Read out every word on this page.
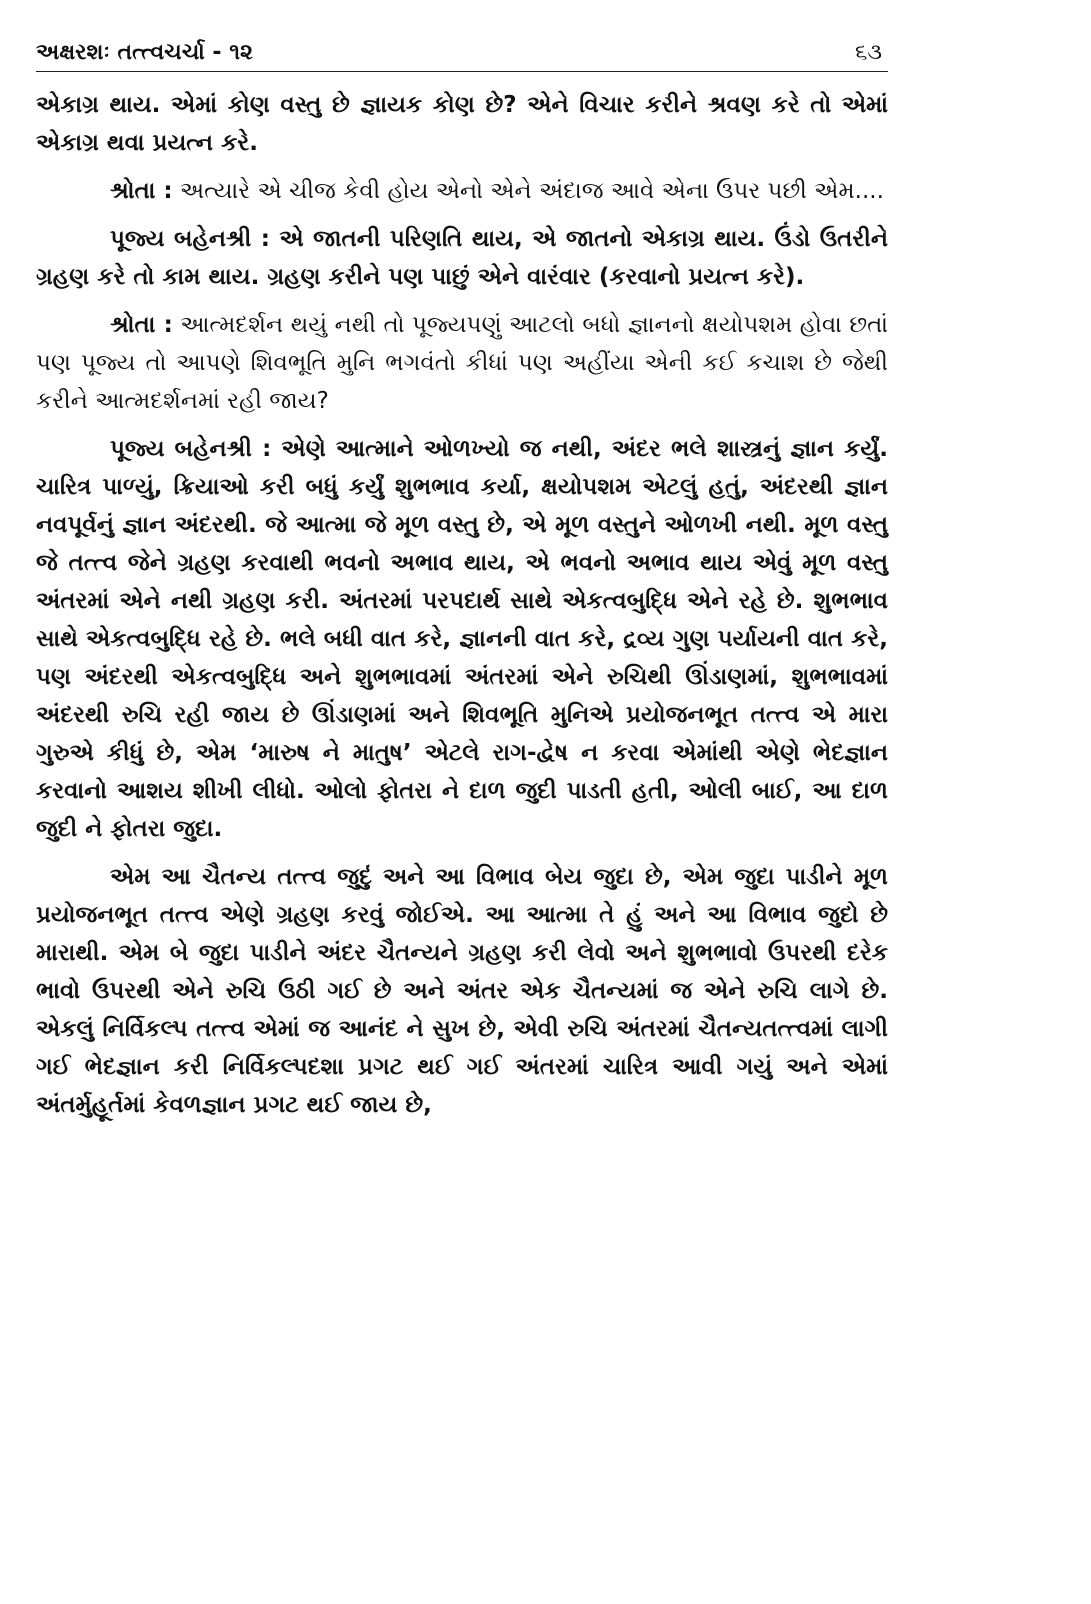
અક્ષરશઃ તત્ત્વચર્ચા - ૧૨	૬૩

એકાગ્ર થાય. એમાં કોણ વસ્તુ છે જ્ઞાયક કોણ છે? એને વિચાર કરીને શ્રવણ કરે તો એમાં એકાગ્ર થવા પ્રયત્ન કરે.

શ્રોતા : અત્યારે એ ચીજ કેવી હોય એનો એને અંદાજ આવે એના ઉપર પછી એમ....

પૂજ્ય બહેનશ્રી : એ જાતની પરિણતિ થાય, એ જાતનો એકાગ્ર થાય. ઉંડો ઉતરીને ગ્રહણ કરે તો કામ થાય. ગ્રહણ કરીને પણ પાછું એને વારંવાર (કરવાનો પ્રયત્ન કરે).

શ્રોતા : આત્મદર્શન થયું નથી તો પૂજ્યપણું આટલો બધો જ્ઞાનનો ક્ષયોપશમ હોવા છતાં પણ પૂજ્ય તો આપણે શિવભૂતિ મુનિ ભગવંતો કીધાં પણ અહીંયા એની કઈ કચાશ છે જેથી કરીને આત્મદર્શનમાં રહી જાય?

પૂજ્ય બહેનશ્રી : એણે આત્માને ઓળખ્યો જ નથી, અંદર ભલે શાસ્ત્રનું જ્ઞાન કર્યું. ચારિત્ર પાળ્યું, ક્રિયાઓ કરી બધું કર્યું શુભભાવ કર્યા, ક્ષયોપશમ એટલું હતું, અંદરથી જ્ઞાન નવપૂર્વનું જ્ઞાન અંદરથી. જે આત્મા જે મૂળ વસ્તુ છે, એ મૂળ વસ્તુને ઓળખી નથી. મૂળ વસ્તુ જે તત્ત્વ જેને ગ્રહણ કરવાથી ભવનો અભાવ થાય, એ ભવનો અભાવ થાય એવું મૂળ વસ્તુ અંતરમાં એને નથી ગ્રહણ કરી. અંતરમાં પરપદાર્થ સાથે એકત્વબુદ્ધિ એને રહે છે. શુભભાવ સાથે એકત્વબુદ્ધિ રહે છે. ભલે બધી વાત કરે, જ્ઞાનની વાત કરે, દ્રવ્ય ગુણ પર્યાયની વાત કરે, પણ અંદરથી એકત્વબુદ્ધિ અને શુભભાવમાં અંતરમાં એને રુચિથી ઊંડાણમાં, શુભભાવમાં અંદરથી રુચિ રહી જાય છે ઊંડાણમાં અને શિવભૂતિ મુનિએ પ્રયોજનભૂત તત્ત્વ એ મારા ગુરુએ કીધું છે, એમ ‘મારુષ ને માતુષ’ એટલે રાગ-દ્વેષ ન કરવા એમાંથી એણે ભેદજ્ઞાન કરવાનો આશય શીખી લીધો. ઓલો ફોતરા ને દાળ જુદી પાડતી હતી, ઓલી બાઈ, આ દાળ જુદી ને ફોતરા જુદા.

એમ આ ચૈતન્ય તત્ત્વ જુદું અને આ વિભાવ બેય જુદા છે, એમ જુદા પાડીને મૂળ પ્રયોજનભૂત તત્ત્વ એણે ગ્રહણ કરવું જોઈએ. આ આત્મા તે હું અને આ વિભાવ જુદો છે મારાથી. એમ બે જુદા પાડીને અંદર ચૈતન્યને ગ્રહણ કરી લેવો અને શુભભાવો ઉપરથી દરેક ભાવો ઉપરથી એને રુચિ ઉઠી ગઈ છે અને અંતર એક ચૈતન્યમાં જ એને રુચિ લાગે છે. એકલું નિર્વિકલ્પ તત્ત્વ એમાં જ આનંદ ને સુખ છે, એવી રુચિ અંતરમાં ચૈતન્યતત્ત્વમાં લાગી ગઈ ભેદજ્ઞાન કરી નિર્વિકલ્પદશા પ્રગટ થઈ ગઈ અંતરમાં ચારિત્ર આવી ગયું અને એમાં અંતર્મુહૂર્તમાં કેવળજ્ઞાન પ્રગટ થઈ જાય છે,
